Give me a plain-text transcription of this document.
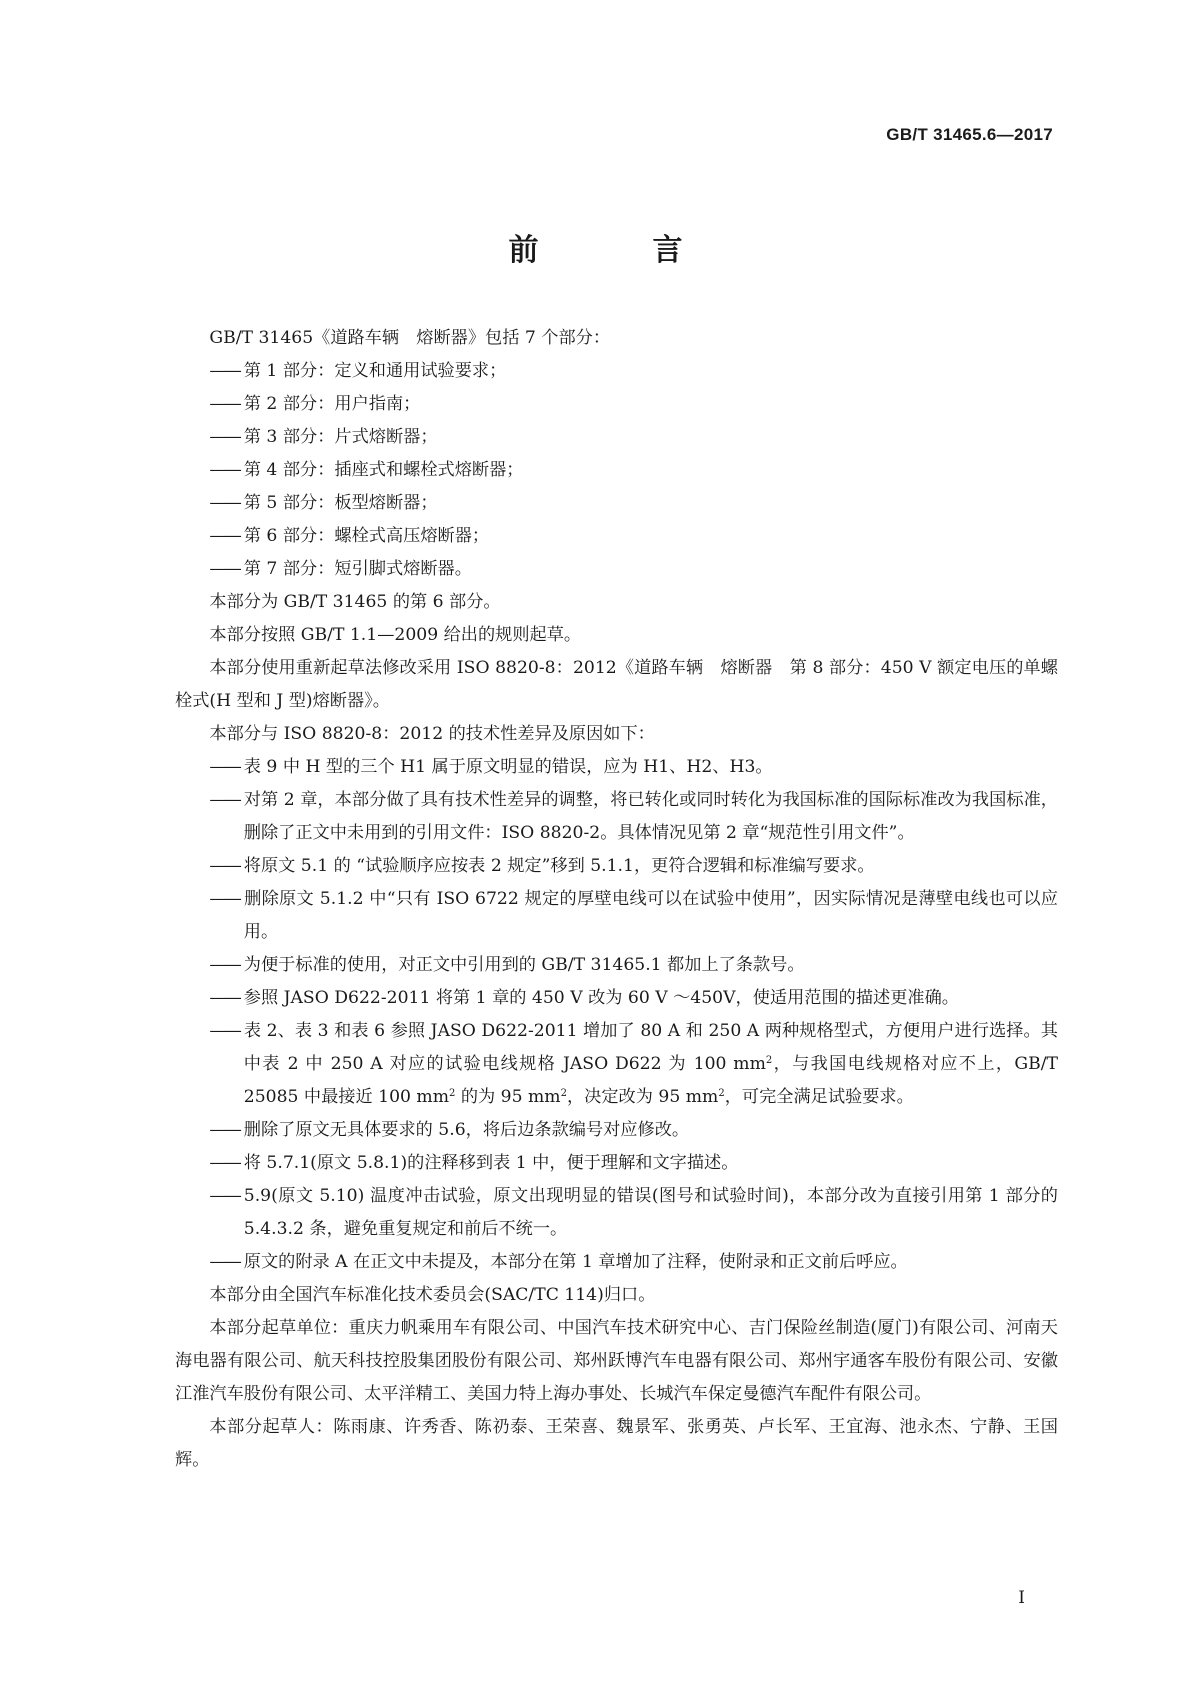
GB/T 31465.6—2017
前　言

GB/T 31465《道路车辆　熔断器》包括 7 个部分：

—— 第 1 部分：定义和通用试验要求；

—— 第 2 部分：用户指南；

—— 第 3 部分：片式熔断器；

—— 第 4 部分：插座式和螺栓式熔断器；

—— 第 5 部分：板型熔断器；

—— 第 6 部分：螺栓式高压熔断器；

—— 第 7 部分：短引脚式熔断器。

本部分为 GB/T 31465 的第 6 部分。

本部分按照 GB/T 1.1—2009 给出的规则起草。

本部分使用重新起草法修改采用 ISO 8820-8：2012《道路车辆　熔断器　第 8 部分：450 V 额定电压的单螺栓式(H 型和 J 型)熔断器》。

本部分与 ISO 8820-8：2012 的技术性差异及原因如下：

—— 表 9 中 H 型的三个 H1 属于原文明显的错误，应为 H1、H2、H3。

—— 对第 2 章，本部分做了具有技术性差异的调整，将已转化或同时转化为我国标准的国际标准改为我国标准，删除了正文中未用到的引用文件：ISO 8820-2。具体情况见第 2 章“规范性引用文件”。

—— 将原文 5.1 的 “试验顺序应按表 2 规定”移到 5.1.1，更符合逻辑和标准编写要求。

—— 删除原文 5.1.2 中“只有 ISO 6722 规定的厚壁电线可以在试验中使用”，因实际情况是薄壁电线也可以应用。

—— 为便于标准的使用，对正文中引用到的 GB/T 31465.1 都加上了条款号。

—— 参照 JASO D622-2011 将第 1 章的 450 V 改为 60 V ～450V，使适用范围的描述更准确。

—— 表 2、表 3 和表 6 参照 JASO D622-2011 增加了 80 A 和 250 A 两种规格型式，方便用户进行选择。其中表 2 中 250 A 对应的试验电线规格 JASO D622 为 100 $mm^2$，与我国电线规格对应不上，GB/T 25085 中最接近 100 $mm^2$ 的为 95 $mm^2$，决定改为 95 $mm^2$，可完全满足试验要求。

—— 删除了原文无具体要求的 5.6，将后边条款编号对应修改。

—— 将 5.7.1(原文 5.8.1)的注释移到表 1 中，便于理解和文字描述。

—— 5.9(原文 5.10) 温度冲击试验，原文出现明显的错误(图号和试验时间)，本部分改为直接引用第 1 部分的 5.4.3.2 条，避免重复规定和前后不统一。

—— 原文的附录 A 在正文中未提及，本部分在第 1 章增加了注释，使附录和正文前后呼应。

本部分由全国汽车标准化技术委员会(SAC/TC 114)归口。

本部分起草单位：重庆力帆乘用车有限公司、中国汽车技术研究中心、吉门保险丝制造(厦门)有限公司、河南天海电器有限公司、航天科技控股集团股份有限公司、郑州跃博汽车电器有限公司、郑州宇通客车股份有限公司、安徽江淮汽车股份有限公司、太平洋精工、美国力特上海办事处、长城汽车保定曼德汽车配件有限公司。

本部分起草人：陈雨康、许秀香、陈礽泰、王荣喜、魏景军、张勇英、卢长军、王宜海、池永杰、宁静、王国辉。

I
